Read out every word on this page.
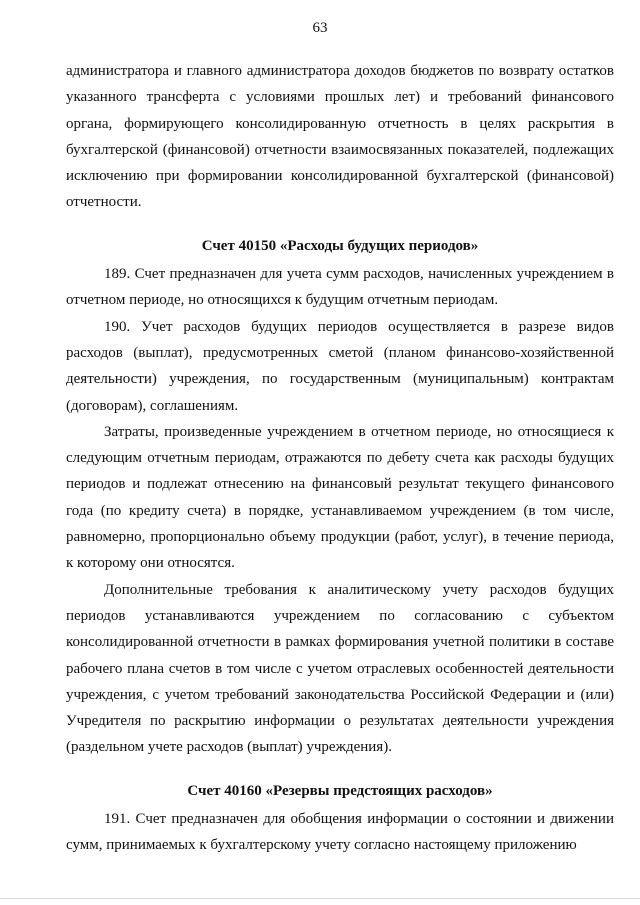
63

администратора и главного администратора доходов бюджетов по возврату остатков указанного трансферта с условиями прошлых лет) и требований финансового органа, формирующего консолидированную отчетность в целях раскрытия в бухгалтерской (финансовой) отчетности взаимосвязанных показателей, подлежащих исключению при формировании консолидированной бухгалтерской (финансовой) отчетности.

Счет 40150 «Расходы будущих периодов»

189. Счет предназначен для учета сумм расходов, начисленных учреждением в отчетном периоде, но относящихся к будущим отчетным периодам.

190. Учет расходов будущих периодов осуществляется в разрезе видов расходов (выплат), предусмотренных сметой (планом финансово-хозяйственной деятельности) учреждения, по государственным (муниципальным) контрактам (договорам), соглашениям.

Затраты, произведенные учреждением в отчетном периоде, но относящиеся к следующим отчетным периодам, отражаются по дебету счета как расходы будущих периодов и подлежат отнесению на финансовый результат текущего финансового года (по кредиту счета) в порядке, устанавливаемом учреждением (в том числе, равномерно, пропорционально объему продукции (работ, услуг), в течение периода, к которому они относятся.

Дополнительные требования к аналитическому учету расходов будущих периодов устанавливаются учреждением по согласованию с субъектом консолидированной отчетности в рамках формирования учетной политики в составе рабочего плана счетов в том числе с учетом отраслевых особенностей деятельности учреждения, с учетом требований законодательства Российской Федерации и (или) Учредителя по раскрытию информации о результатах деятельности учреждения (раздельном учете расходов (выплат) учреждения).

Счет 40160 «Резервы предстоящих расходов»

191. Счет предназначен для обобщения информации о состоянии и движении сумм, принимаемых к бухгалтерскому учету согласно настоящему приложению
